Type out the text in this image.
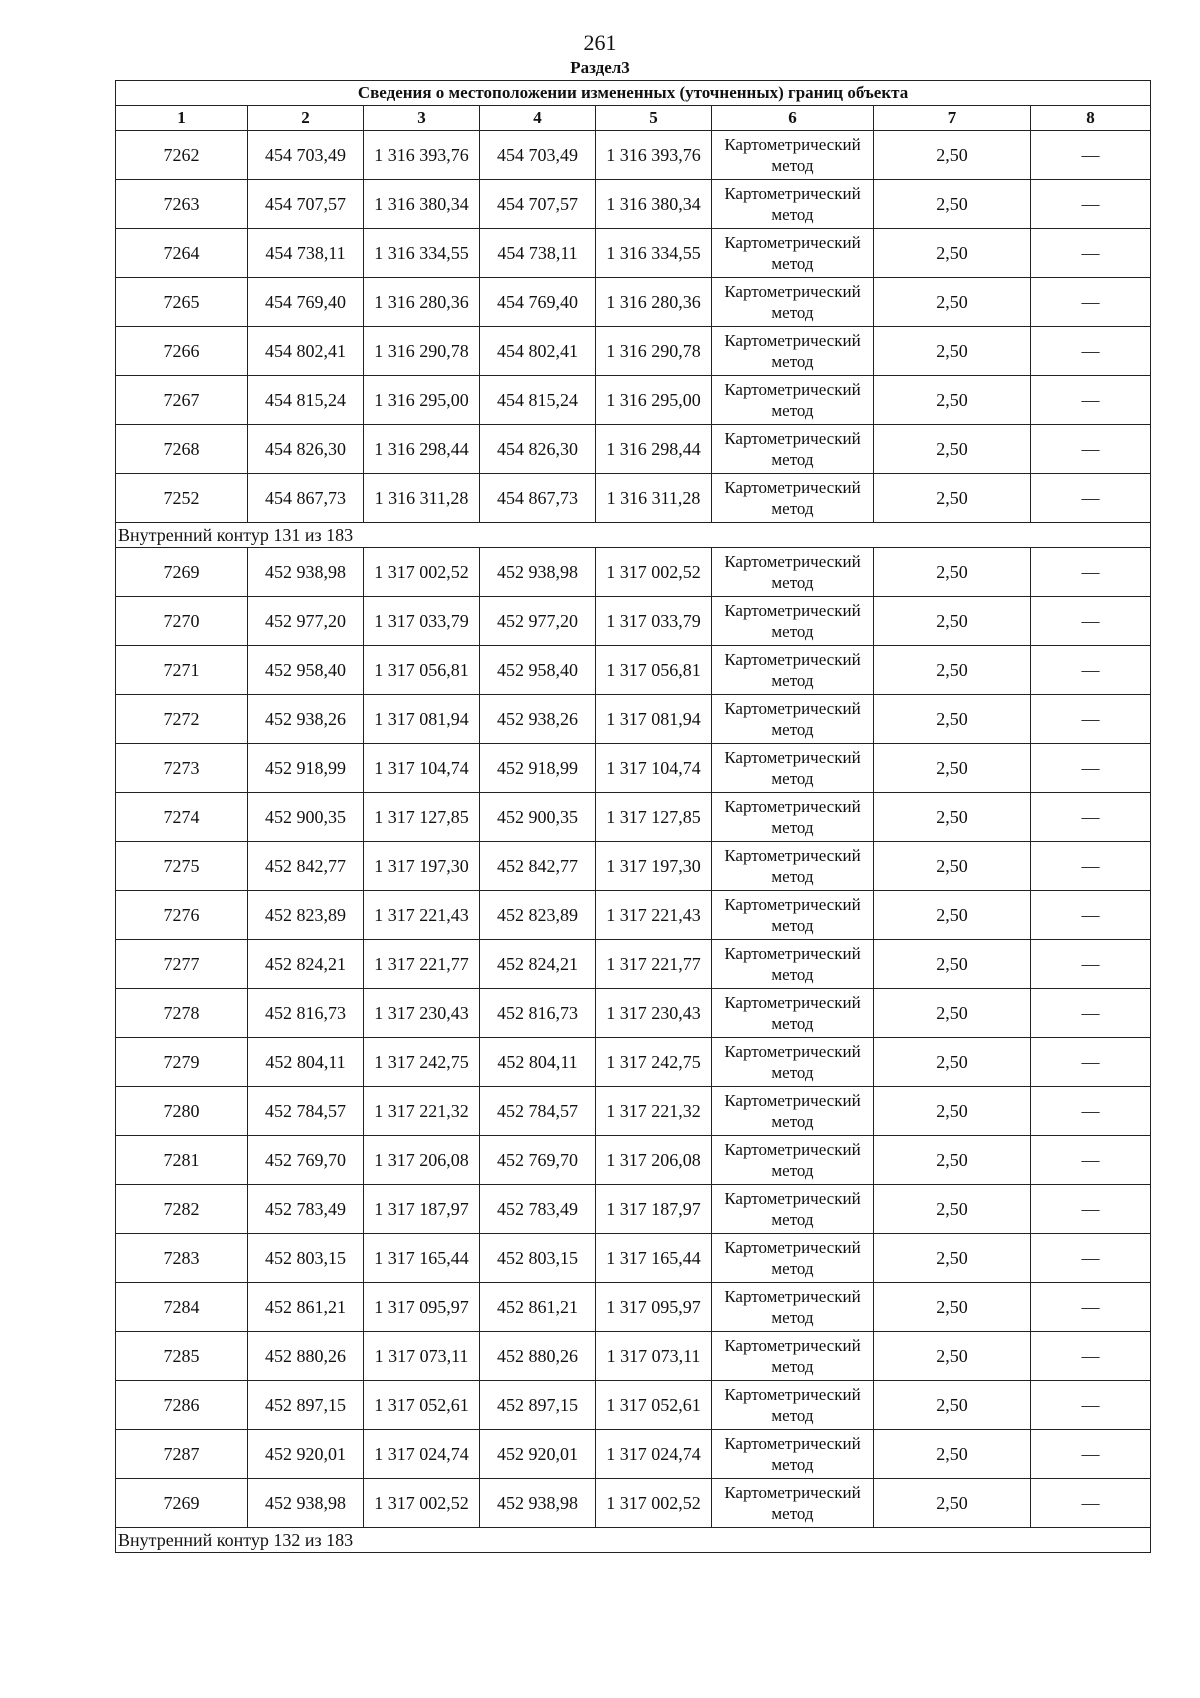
261
Раздел3
Сведения о местоположении измененных (уточненных) границ объекта							
1	2	3	4	5	6	7	8
7262	454 703,49	1 316 393,76	454 703,49	1 316 393,76	Картометрический метод	2,50	—
7263	454 707,57	1 316 380,34	454 707,57	1 316 380,34	Картометрический метод	2,50	—
7264	454 738,11	1 316 334,55	454 738,11	1 316 334,55	Картометрический метод	2,50	—
7265	454 769,40	1 316 280,36	454 769,40	1 316 280,36	Картометрический метод	2,50	—
7266	454 802,41	1 316 290,78	454 802,41	1 316 290,78	Картометрический метод	2,50	—
7267	454 815,24	1 316 295,00	454 815,24	1 316 295,00	Картометрический метод	2,50	—
7268	454 826,30	1 316 298,44	454 826,30	1 316 298,44	Картометрический метод	2,50	—
7252	454 867,73	1 316 311,28	454 867,73	1 316 311,28	Картометрический метод	2,50	—
Внутренний контур 131 из 183							
7269	452 938,98	1 317 002,52	452 938,98	1 317 002,52	Картометрический метод	2,50	—
7270	452 977,20	1 317 033,79	452 977,20	1 317 033,79	Картометрический метод	2,50	—
7271	452 958,40	1 317 056,81	452 958,40	1 317 056,81	Картометрический метод	2,50	—
7272	452 938,26	1 317 081,94	452 938,26	1 317 081,94	Картометрический метод	2,50	—
7273	452 918,99	1 317 104,74	452 918,99	1 317 104,74	Картометрический метод	2,50	—
7274	452 900,35	1 317 127,85	452 900,35	1 317 127,85	Картометрический метод	2,50	—
7275	452 842,77	1 317 197,30	452 842,77	1 317 197,30	Картометрический метод	2,50	—
7276	452 823,89	1 317 221,43	452 823,89	1 317 221,43	Картометрический метод	2,50	—
7277	452 824,21	1 317 221,77	452 824,21	1 317 221,77	Картометрический метод	2,50	—
7278	452 816,73	1 317 230,43	452 816,73	1 317 230,43	Картометрический метод	2,50	—
7279	452 804,11	1 317 242,75	452 804,11	1 317 242,75	Картометрический метод	2,50	—
7280	452 784,57	1 317 221,32	452 784,57	1 317 221,32	Картометрический метод	2,50	—
7281	452 769,70	1 317 206,08	452 769,70	1 317 206,08	Картометрический метод	2,50	—
7282	452 783,49	1 317 187,97	452 783,49	1 317 187,97	Картометрический метод	2,50	—
7283	452 803,15	1 317 165,44	452 803,15	1 317 165,44	Картометрический метод	2,50	—
7284	452 861,21	1 317 095,97	452 861,21	1 317 095,97	Картометрический метод	2,50	—
7285	452 880,26	1 317 073,11	452 880,26	1 317 073,11	Картометрический метод	2,50	—
7286	452 897,15	1 317 052,61	452 897,15	1 317 052,61	Картометрический метод	2,50	—
7287	452 920,01	1 317 024,74	452 920,01	1 317 024,74	Картометрический метод	2,50	—
7269	452 938,98	1 317 002,52	452 938,98	1 317 002,52	Картометрический метод	2,50	—
Внутренний контур 132 из 183							
